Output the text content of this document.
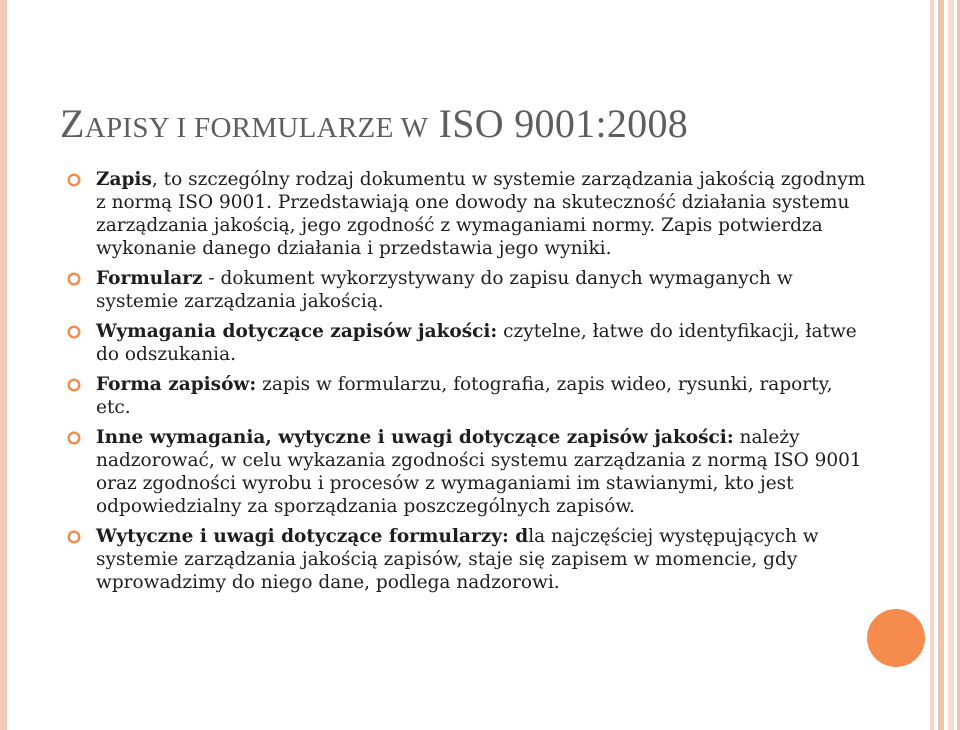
ZAPISY I FORMULARZE W ISO 9001:2008
Zapis, to szczególny rodzaj dokumentu w systemie zarządzania jakością zgodnym z normą ISO 9001. Przedstawiają one dowody na skuteczność działania systemu zarządzania jakością, jego zgodność z wymaganiami normy. Zapis potwierdza wykonanie danego działania i przedstawia jego wyniki.
Formularz - dokument wykorzystywany do zapisu danych wymaganych w systemie zarządzania jakością.
Wymagania dotyczące zapisów jakości: czytelne, łatwe do identyfikacji, łatwe do odszukania.
Forma zapisów: zapis w formularzu, fotografia, zapis wideo, rysunki, raporty, etc.
Inne wymagania, wytyczne i uwagi dotyczące zapisów jakości: należy nadzorować, w celu wykazania zgodności systemu zarządzania z normą ISO 9001 oraz zgodności wyrobu i procesów z wymaganiami im stawianymi, kto jest odpowiedzialny za sporządzania poszczególnych zapisów.
Wytyczne i uwagi dotyczące formularzy: dla najczęściej występujących w systemie zarządzania jakością zapisów, staje się zapisem w momencie, gdy wprowadzimy do niego dane, podlega nadzorowi.
